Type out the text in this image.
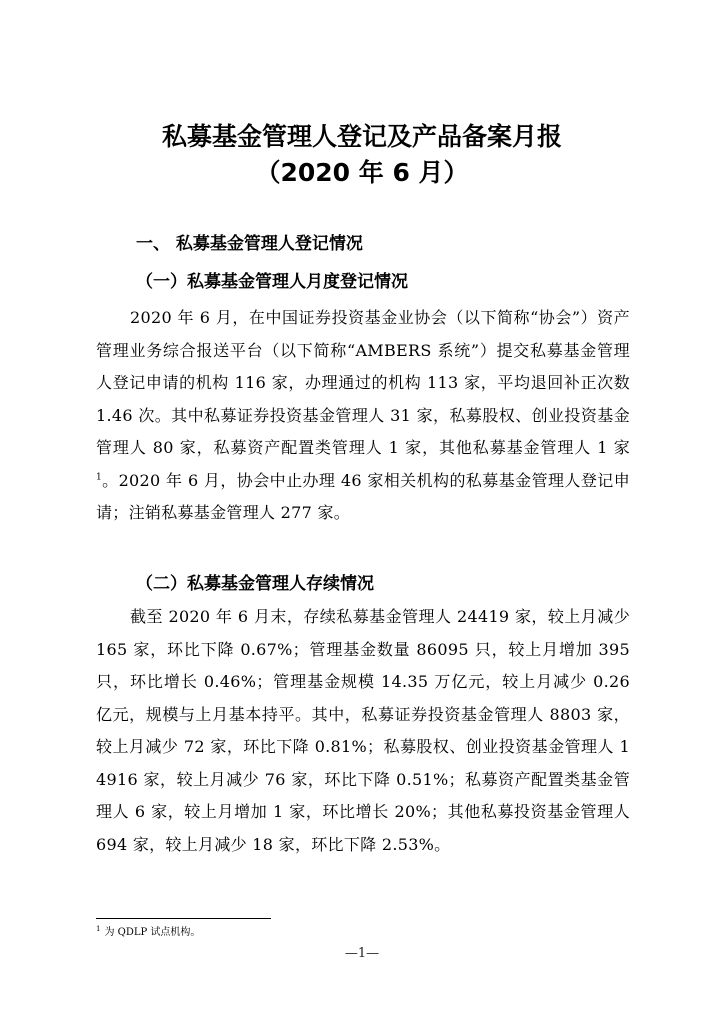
私募基金管理人登记及产品备案月报
（2020 年 6 月）
一、 私募基金管理人登记情况
（一）私募基金管理人月度登记情况

2020 年 6 月，在中国证券投资基金业协会（以下简称“协会”）资产管理业务综合报送平台（以下简称“AMBERS 系统”）提交私募基金管理人登记申请的机构 116 家，办理通过的机构 113 家，平均退回补正次数 1.46 次。其中私募证券投资基金管理人 31 家，私募股权、创业投资基金管理人 80 家，私募资产配置类管理人 1 家，其他私募基金管理人 1 家$^1$。2020 年 6 月，协会中止办理 46 家相关机构的私募基金管理人登记申请；注销私募基金管理人 277 家。

（二）私募基金管理人存续情况

截至 2020 年 6 月末，存续私募基金管理人 24419 家，较上月减少 165 家，环比下降 0.67%；管理基金数量 86095 只，较上月增加 395 只，环比增长 0.46%；管理基金规模 14.35 万亿元，较上月减少 0.26 亿元，规模与上月基本持平。其中，私募证券投资基金管理人 8803 家，较上月减少 72 家，环比下降 0.81%；私募股权、创业投资基金管理人 14916 家，较上月减少 76 家，环比下降 0.51%；私募资产配置类基金管理人 6 家，较上月增加 1 家，环比增长 20%；其他私募投资基金管理人 694 家，较上月减少 18 家，环比下降 2.53%。

$^1$ 为 QDLP 试点机构。
—1—
